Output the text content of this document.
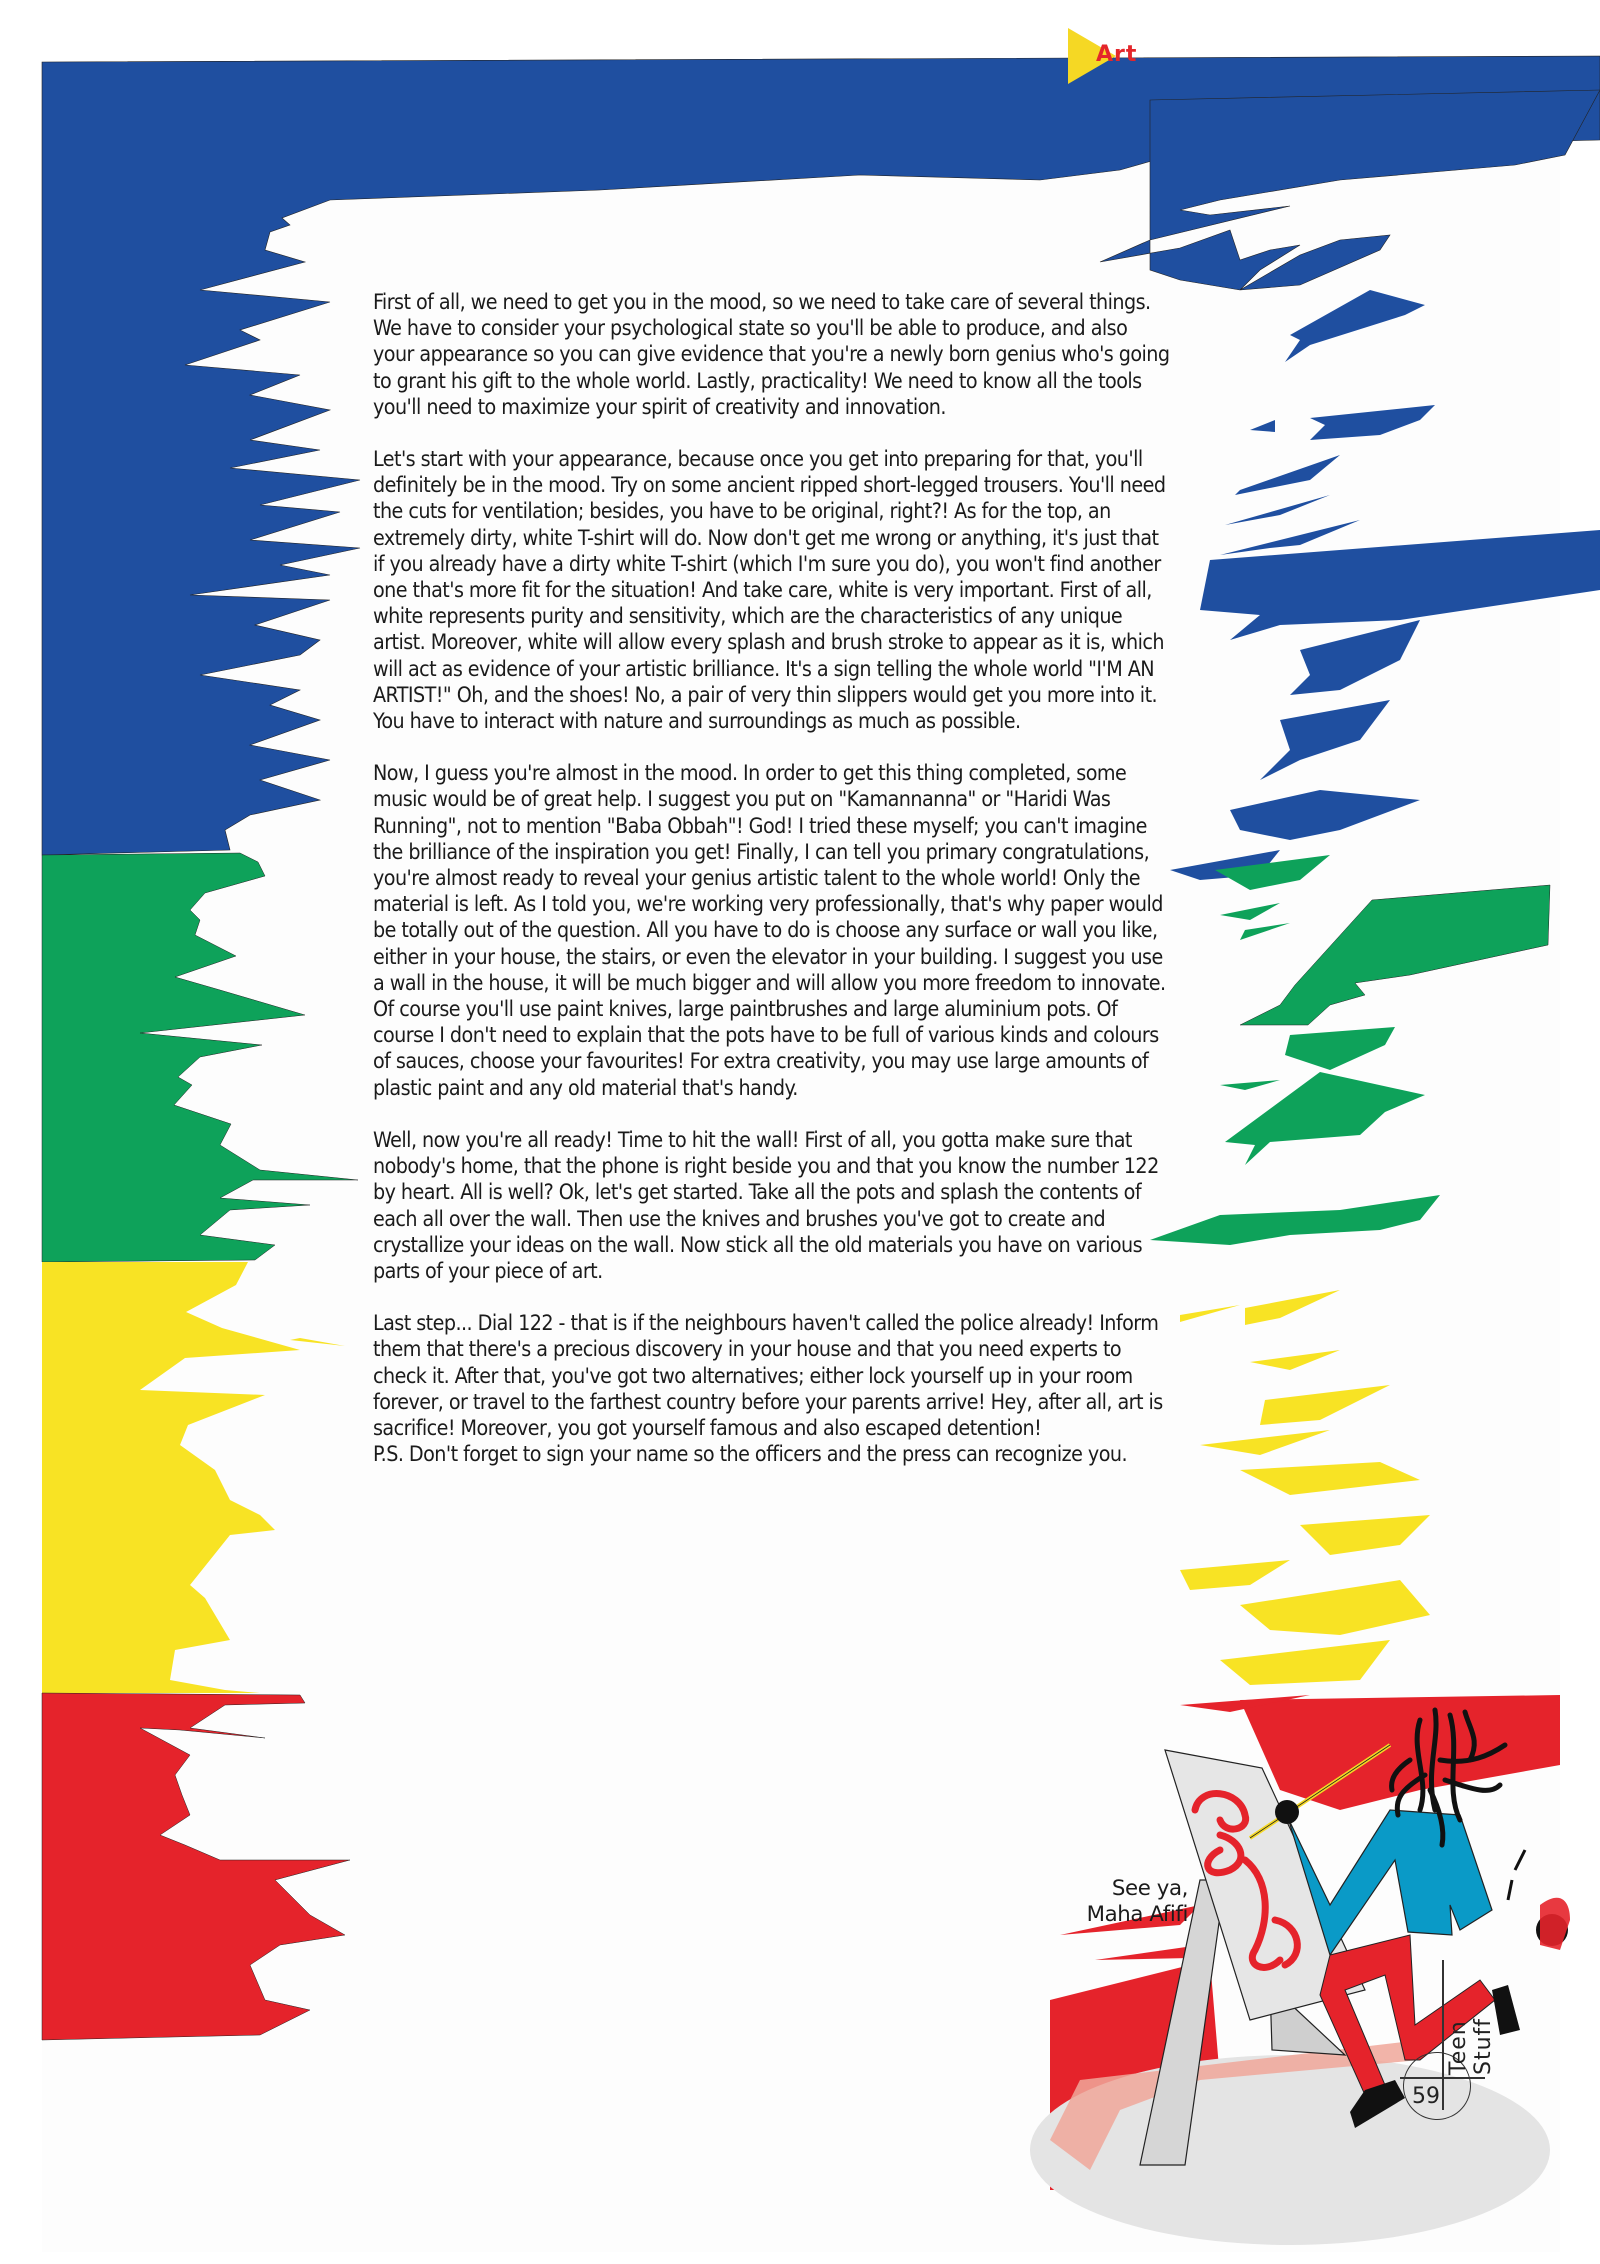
Art

First of all, we need to get you in the mood, so we need to take care of several things. We have to consider your psychological state so you'll be able to produce, and also your appearance so you can give evidence that you're a newly born genius who's going to grant his gift to the whole world. Lastly, practicality! We need to know all the tools you'll need to maximize your spirit of creativity and innovation.

Let's start with your appearance, because once you get into preparing for that, you'll definitely be in the mood. Try on some ancient ripped short-legged trousers. You'll need the cuts for ventilation; besides, you have to be original, right?! As for the top, an extremely dirty, white T-shirt will do. Now don't get me wrong or anything, it's just that if you already have a dirty white T-shirt (which I'm sure you do), you won't find another one that's more fit for the situation! And take care, white is very important. First of all, white represents purity and sensitivity, which are the characteristics of any unique artist. Moreover, white will allow every splash and brush stroke to appear as it is, which will act as evidence of your artistic brilliance. It's a sign telling the whole world "I'M AN ARTIST!" Oh, and the shoes! No, a pair of very thin slippers would get you more into it. You have to interact with nature and surroundings as much as possible.

Now, I guess you're almost in the mood. In order to get this thing completed, some music would be of great help. I suggest you put on "Kamannanna" or "Haridi Was Running", not to mention "Baba Obbah"! God! I tried these myself; you can't imagine the brilliance of the inspiration you get! Finally, I can tell you primary congratulations, you're almost ready to reveal your genius artistic talent to the whole world! Only the material is left. As I told you, we're working very professionally, that's why paper would be totally out of the question. All you have to do is choose any surface or wall you like, either in your house, the stairs, or even the elevator in your building. I suggest you use a wall in the house, it will be much bigger and will allow you more freedom to innovate. Of course you'll use paint knives, large paintbrushes and large aluminium pots. Of course I don't need to explain that the pots have to be full of various kinds and colours of sauces, choose your favourites! For extra creativity, you may use large amounts of plastic paint and any old material that's handy.

Well, now you're all ready! Time to hit the wall! First of all, you gotta make sure that nobody's home, that the phone is right beside you and that you know the number 122 by heart. All is well? Ok, let's get started. Take all the pots and splash the contents of each all over the wall. Then use the knives and brushes you've got to create and crystallize your ideas on the wall. Now stick all the old materials you have on various parts of your piece of art.

Last step... Dial 122 - that is if the neighbours haven't called the police already! Inform them that there's a precious discovery in your house and that you need experts to check it. After that, you've got two alternatives; either lock yourself up in your room forever, or travel to the farthest country before your parents arrive! Hey, after all, art is sacrifice! Moreover, you got yourself famous and also escaped detention!

P.S. Don't forget to sign your name so the officers and the press can recognize you.

See ya,
Maha Afifi
Teen Stuff
59
